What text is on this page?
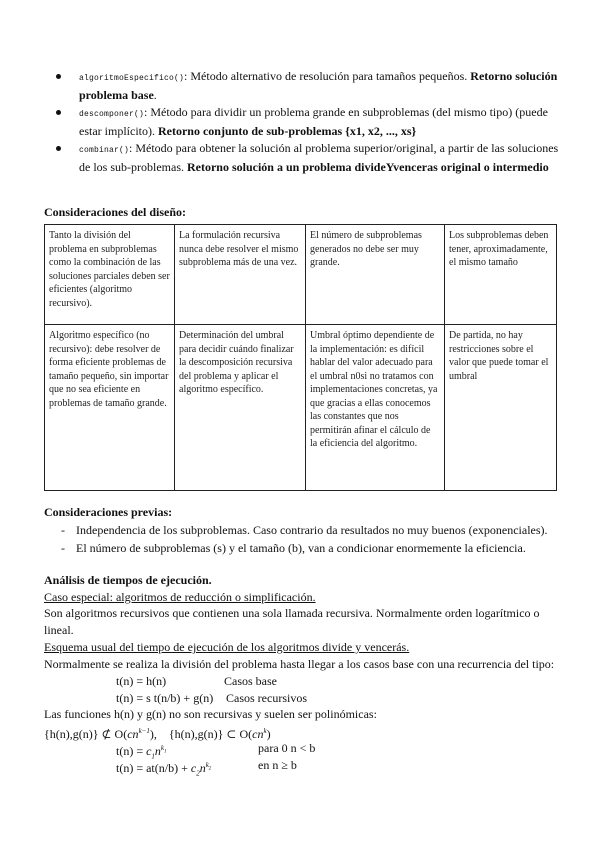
algoritmoEspecifico(): Método alternativo de resolución para tamaños pequeños. Retorno solución problema base.
descomponer(): Método para dividir un problema grande en subproblemas (del mismo tipo) (puede estar implícito). Retorno conjunto de sub-problemas {x1, x2, ..., xs}
combinar(): Método para obtener la solución al problema superior/original, a partir de las soluciones de los sub-problemas. Retorno solución a un problema divideYvenceras original o intermedio
Consideraciones del diseño:
Tanto la división del problema en subproblemas como la combinación de las soluciones parciales deben ser eficientes (algoritmo recursivo).	La formulación recursiva nunca debe resolver el mismo subproblema más de una vez.	El número de subproblemas generados no debe ser muy grande.	Los subproblemas deben tener, aproximadamente, el mismo tamaño
Algoritmo específico (no recursivo): debe resolver de forma eficiente problemas de tamaño pequeño, sin importar que no sea eficiente en problemas de tamaño grande.	Determinación del umbral para decidir cuándo finalizar la descomposición recursiva del problema y aplicar el algoritmo específico.	Umbral óptimo dependiente de la implementación: es difícil hablar del valor adecuado para el umbral n0si no tratamos con implementaciones concretas, ya que gracias a ellas conocemos las constantes que nos permitirán afinar el cálculo de la eficiencia del algoritmo.	De partida, no hay restricciones sobre el valor que puede tomar el umbral
Consideraciones previas:
- Independencia de los subproblemas. Caso contrario da resultados no muy buenos (exponenciales).
- El número de subproblemas (s) y el tamaño (b), van a condicionar enormemente la eficiencia.
Análisis de tiempos de ejecución.
Caso especial: algoritmos de reducción o simplificación.
Son algoritmos recursivos que contienen una sola llamada recursiva. Normalmente orden logarítmico o lineal.
Esquema usual del tiempo de ejecución de los algoritmos divide y vencerás.
Normalmente se realiza la división del problema hasta llegar a los casos base con una recurrencia del tipo:
t(n) = h(n)	Casos base
t(n) = s t(n/b) + g(n) Casos recursivos
Las funciones h(n) y g(n) no son recursivas y suelen ser polinómicas:
{h(n),g(n)} ⊄ $O(cn^{k-1})$, {h(n),g(n)} ⊂ $O(cn^k)$
$t(n) = c_1n^{k_1}$	para 0 n < b
$t(n) = at(n/b) + c_2n^{k_2}$	en n ≥ b
